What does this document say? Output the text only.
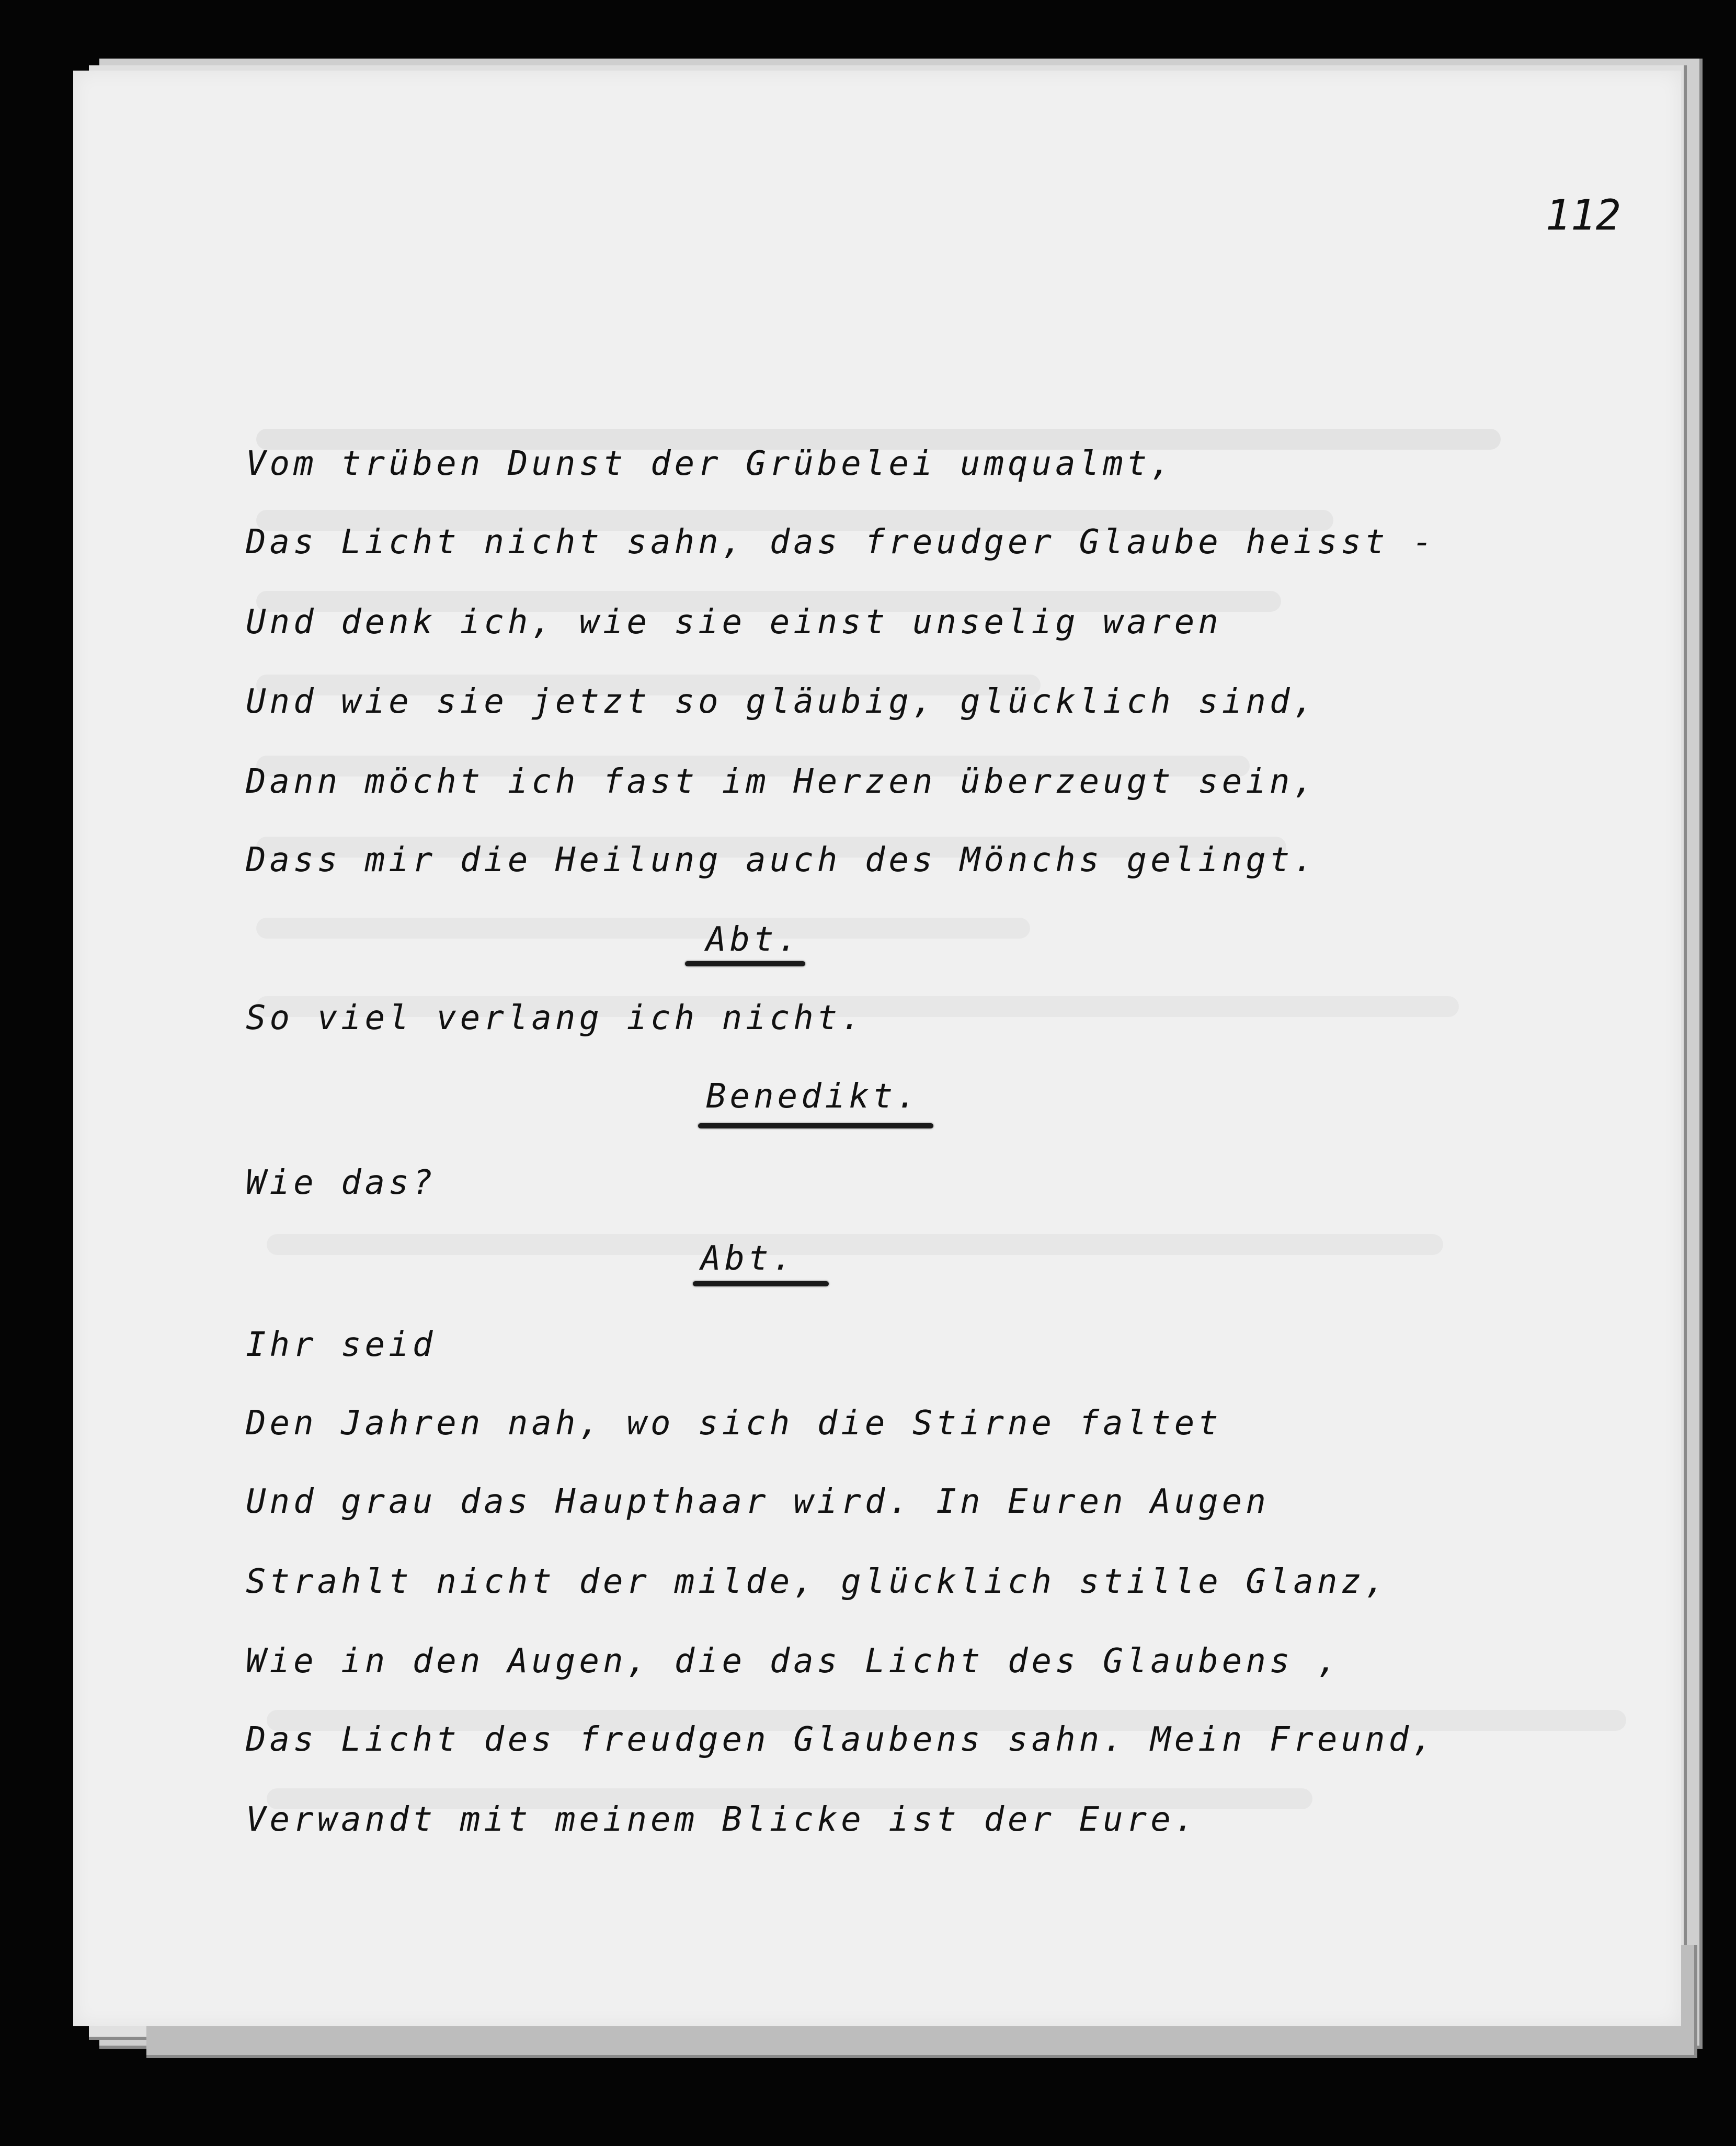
112
Vom trüben Dunst der Grübelei umqualmt,
Das Licht nicht sahn, das freudger Glaube heisst -
Und denk ich, wie sie einst unselig waren
Und wie sie jetzt so gläubig, glücklich sind,
Dann möcht ich fast im Herzen überzeugt sein,
Dass mir die Heilung auch des Mönchs gelingt.
Abt.
So viel verlang ich nicht.
Benedikt.
Wie das?
Abt.
Ihr seid
Den Jahren nah, wo sich die Stirne faltet
Und grau das Haupthaar wird. In Euren Augen
Strahlt nicht der milde, glücklich stille Glanz,
Wie in den Augen, die das Licht des Glaubens ,
Das Licht des freudgen Glaubens sahn. Mein Freund,
Verwandt mit meinem Blicke ist der Eure.
